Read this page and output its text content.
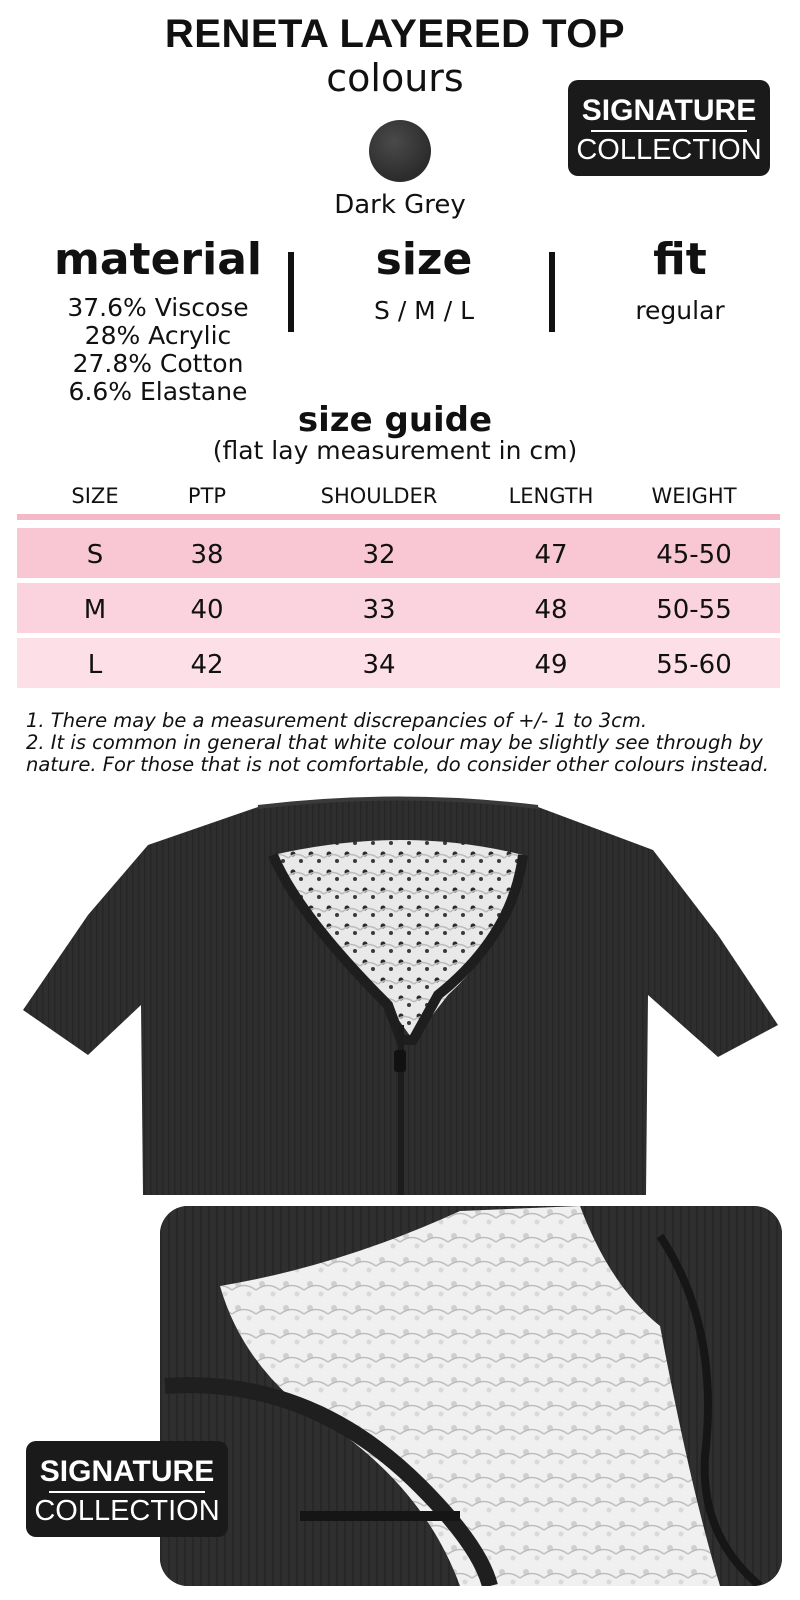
RENETA LAYERED TOP
colours
Dark Grey
SIGNATURE
COLLECTION
material
37.6% Viscose
28% Acrylic
27.8% Cotton
6.6% Elastane
size
S / M / L
fit
regular
size guide
(flat lay measurement in cm)
SIZE	PTP	SHOULDER	LENGTH	WEIGHT
S	38	32	47	45-50
M	40	33	48	50-55
L	42	34	49	55-60
1. There may be a measurement discrepancies of +/- 1 to 3cm.
2. It is common in general that white colour may be slightly see through by nature. For those that is not comfortable, do consider other colours instead.
SIGNATURE
COLLECTION
